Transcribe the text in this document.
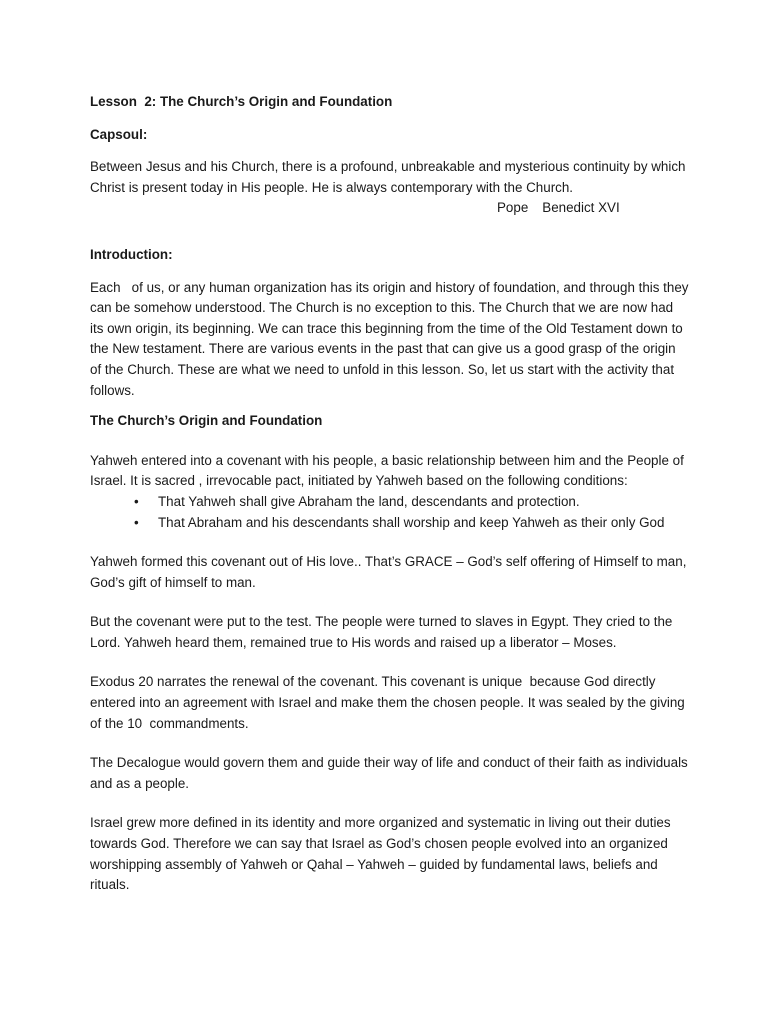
Lesson  2: The Church’s Origin and Foundation

Capsoul:

Between Jesus and his Church, there is a profound, unbreakable and mysterious continuity by which Christ is present today in His people. He is always contemporary with the Church.

Pope Benedict XVI

Introduction:

Each   of us, or any human organization has its origin and history of foundation, and through this they can be somehow understood. The Church is no exception to this. The Church that we are now had its own origin, its beginning. We can trace this beginning from the time of the Old Testament down to the New testament. There are various events in the past that can give us a good grasp of the origin of the Church. These are what we need to unfold in this lesson. So, let us start with the activity that follows.

The Church’s Origin and Foundation

Yahweh entered into a covenant with his people, a basic relationship between him and the People of Israel. It is sacred , irrevocable pact, initiated by Yahweh based on the following conditions:

• That Yahweh shall give Abraham the land, descendants and protection.
• That Abraham and his descendants shall worship and keep Yahweh as their only God

Yahweh formed this covenant out of His love.. That’s GRACE – God’s self offering of Himself to man, God’s gift of himself to man.

But the covenant were put to the test. The people were turned to slaves in Egypt. They cried to the Lord. Yahweh heard them, remained true to His words and raised up a liberator – Moses.

Exodus 20 narrates the renewal of the covenant. This covenant is unique  because God directly entered into an agreement with Israel and make them the chosen people. It was sealed by the giving of the 10  commandments.

The Decalogue would govern them and guide their way of life and conduct of their faith as individuals and as a people.

Israel grew more defined in its identity and more organized and systematic in living out their duties towards God. Therefore we can say that Israel as God’s chosen people evolved into an organized worshipping assembly of Yahweh or Qahal – Yahweh – guided by fundamental laws, beliefs and rituals.
